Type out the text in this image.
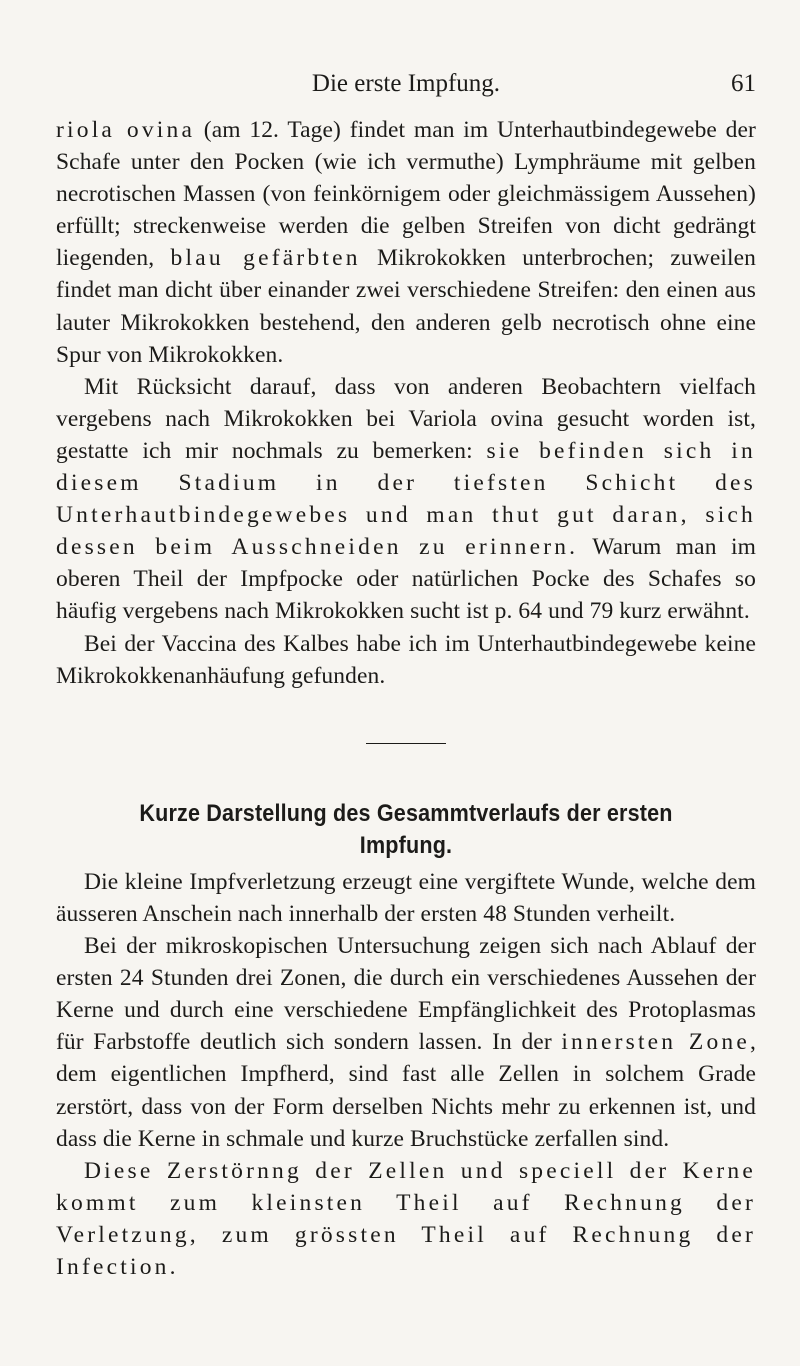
Die erste Impfung.	61

riola ovina (am 12. Tage) findet man im Unterhautbindegewebe der Schafe unter den Pocken (wie ich vermuthe) Lymphräume mit gelben necrotischen Massen (von feinkörnigem oder gleichmässigem Aussehen) erfüllt; streckenweise werden die gelben Streifen von dicht gedrängt liegenden, blau gefärbten Mikrokokken unterbrochen; zuweilen findet man dicht über einander zwei verschiedene Streifen: den einen aus lauter Mikrokokken bestehend, den anderen gelb necrotisch ohne eine Spur von Mikrokokken.

Mit Rücksicht darauf, dass von anderen Beobachtern vielfach vergebens nach Mikrokokken bei Variola ovina gesucht worden ist, gestatte ich mir nochmals zu bemerken: sie befinden sich in diesem Stadium in der tiefsten Schicht des Unterhautbindegewebes und man thut gut daran, sich dessen beim Ausschneiden zu erinnern. Warum man im oberen Theil der Impfpocke oder natürlichen Pocke des Schafes so häufig vergebens nach Mikrokokken sucht ist p. 64 und 79 kurz erwähnt.

Bei der Vaccina des Kalbes habe ich im Unterhautbindegewebe keine Mikrokokkenanhäufung gefunden.

Kurze Darstellung des Gesammtverlaufs der ersten Impfung.

Die kleine Impfverletzung erzeugt eine vergiftete Wunde, welche dem äusseren Anschein nach innerhalb der ersten 48 Stunden verheilt.

Bei der mikroskopischen Untersuchung zeigen sich nach Ablauf der ersten 24 Stunden drei Zonen, die durch ein verschiedenes Aussehen der Kerne und durch eine verschiedene Empfänglichkeit des Protoplasmas für Farbstoffe deutlich sich sondern lassen. In der innersten Zone, dem eigentlichen Impfherd, sind fast alle Zellen in solchem Grade zerstört, dass von der Form derselben Nichts mehr zu erkennen ist, und dass die Kerne in schmale und kurze Bruchstücke zerfallen sind.

Diese Zerstörnng der Zellen und speciell der Kerne kommt zum kleinsten Theil auf Rechnung der Verletzung, zum grössten Theil auf Rechnung der Infection.
